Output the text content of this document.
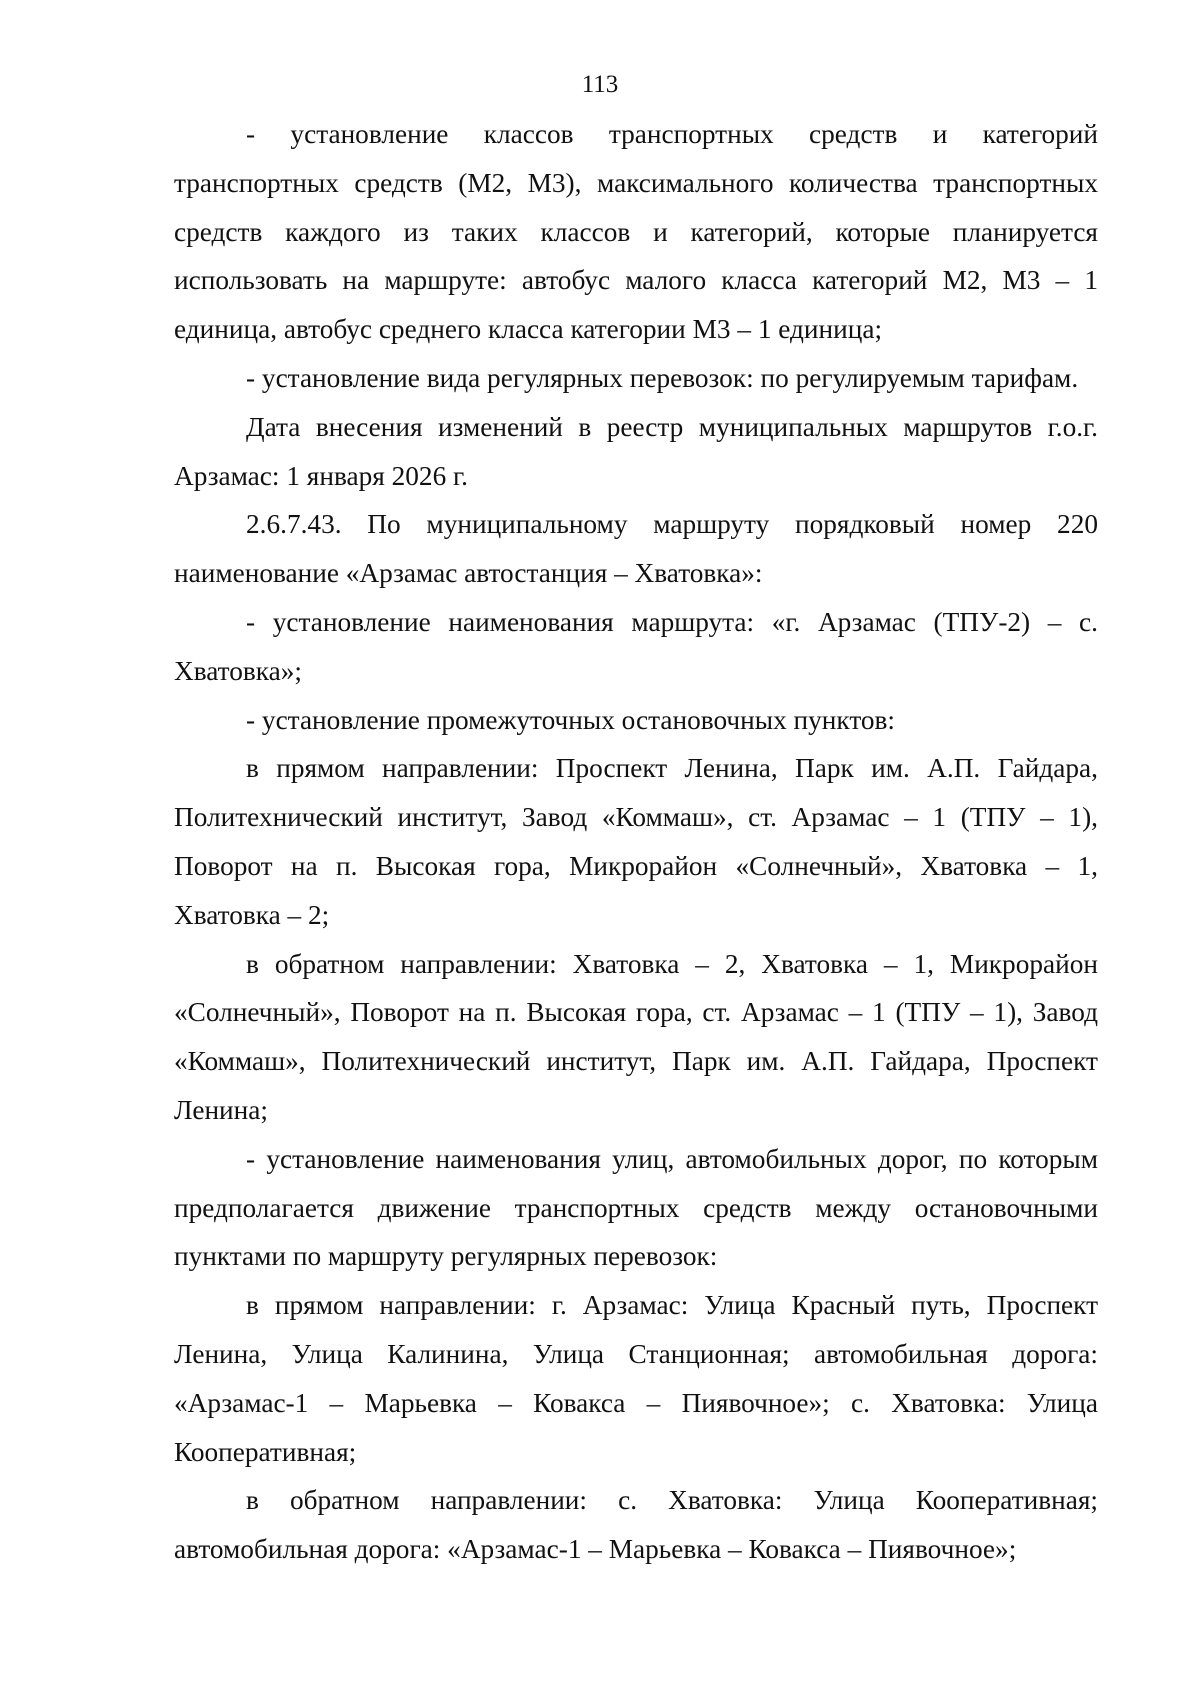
113

- установление классов транспортных средств и категорий транспортных средств (М2, М3), максимального количества транспортных средств каждого из таких классов и категорий, которые планируется использовать на маршруте: автобус малого класса категорий М2, М3 – 1 единица, автобус среднего класса категории М3 – 1 единица;

- установление вида регулярных перевозок: по регулируемым тарифам.

Дата внесения изменений в реестр муниципальных маршрутов г.о.г. Арзамас: 1 января 2026 г.

2.6.7.43. По муниципальному маршруту порядковый номер 220 наименование «Арзамас автостанция – Хватовка»:

- установление наименования маршрута: «г. Арзамас (ТПУ-2) – с. Хватовка»;

- установление промежуточных остановочных пунктов:

в прямом направлении: Проспект Ленина, Парк им. А.П. Гайдара, Политехнический институт, Завод «Коммаш», ст. Арзамас – 1 (ТПУ – 1), Поворот на п. Высокая гора, Микрорайон «Солнечный», Хватовка – 1, Хватовка – 2;

в обратном направлении: Хватовка – 2, Хватовка – 1, Микрорайон «Солнечный», Поворот на п. Высокая гора, ст. Арзамас – 1 (ТПУ – 1), Завод «Коммаш», Политехнический институт, Парк им. А.П. Гайдара, Проспект Ленина;

- установление наименования улиц, автомобильных дорог, по которым предполагается движение транспортных средств между остановочными пунктами по маршруту регулярных перевозок:

в прямом направлении: г. Арзамас: Улица Красный путь, Проспект Ленина, Улица Калинина, Улица Станционная; автомобильная дорога: «Арзамас-1 – Марьевка – Ковакса – Пиявочное»; с. Хватовка: Улица Кооперативная;

в обратном направлении: с. Хватовка: Улица Кооперативная; автомобильная дорога: «Арзамас-1 – Марьевка – Ковакса – Пиявочное»;
